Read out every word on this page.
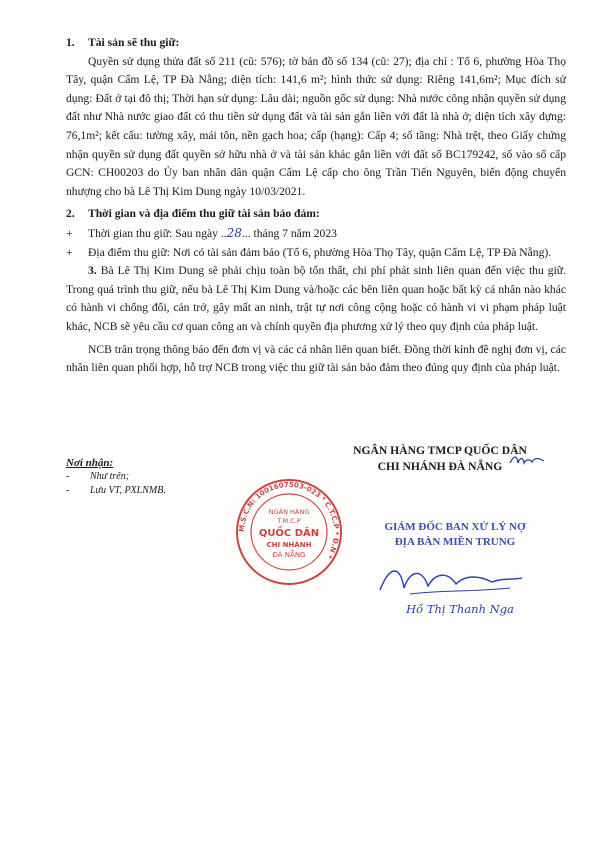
1. Tài sản sẽ thu giữ:

Quyền sử dụng thửa đất số 211 (cũ: 576); tờ bản đồ số 134 (cũ: 27); địa chỉ : Tổ 6, phường Hòa Thọ Tây, quận Cẩm Lệ, TP Đà Nẵng; diện tích: 141,6 m²; hình thức sử dụng: Riêng 141,6m²; Mục đích sử dụng: Đất ở tại đô thị; Thời hạn sử dụng: Lâu dài; nguồn gốc sử dụng: Nhà nước công nhận quyền sử dụng đất như Nhà nước giao đất có thu tiền sử dụng đất và tài sản gắn liền với đất là nhà ở; diện tích xây dựng: 76,1m²; kết cấu: tường xây, mái tôn, nền gạch hoa; cấp (hạng): Cấp 4; số tầng: Nhà trệt, theo Giấy chứng nhận quyền sử dụng đất quyền sở hữu nhà ở và tài sản khác gắn liền với đất số BC179242, số vào sổ cấp GCN: CH00203 do Ủy ban nhân dân quận Cẩm Lệ cấp cho ông Trần Tiến Nguyên, biến động chuyển nhượng cho bà Lê Thị Kim Dung ngày 10/03/2021.

2. Thời gian và địa điểm thu giữ tài sản bảo đảm:

+ Thời gian thu giữ: Sau ngày ..28... tháng 7 năm 2023

+ Địa điểm thu giữ: Nơi có tài sản đảm bảo (Tổ 6, phường Hòa Thọ Tây, quận Cẩm Lệ, TP Đà Nẵng).

3. Bà Lê Thị Kim Dung sẽ phải chịu toàn bộ tổn thất, chi phí phát sinh liên quan đến việc thu giữ. Trong quá trình thu giữ, nếu bà Lê Thị Kim Dung và/hoặc các bên liên quan hoặc bất kỳ cá nhân nào khác có hành vi chống đối, cản trở, gây mất an ninh, trật tự nơi công cộng hoặc có hành vi vi phạm pháp luật khác, NCB sẽ yêu cầu cơ quan công an và chính quyền địa phương xử lý theo quy định của pháp luật.

NCB trân trọng thông báo đến đơn vị và các cá nhân liên quan biết. Đồng thời kính đề nghị đơn vị, các nhân liên quan phối hợp, hỗ trợ NCB trong việc thu giữ tài sản bảo đảm theo đúng quy định của pháp luật.

Nơi nhận:
- Như trên;
- Lưu VT, PXLNMB.
NGÂN HÀNG TMCP QUỐC DÂN
CHI NHÁNH ĐÀ NẴNG
M.S.C.N: 1001607503-023 * C.T.C.P * Đ.N *
NGÂN HÀNG
T.M.C.P
QUỐC DÂN
CHI NHÁNH
ĐÀ NẴNG
GIÁM ĐỐC BAN XỬ LÝ NỢ
ĐỊA BÀN MIỀN TRUNG
Hồ Thị Thanh Nga
